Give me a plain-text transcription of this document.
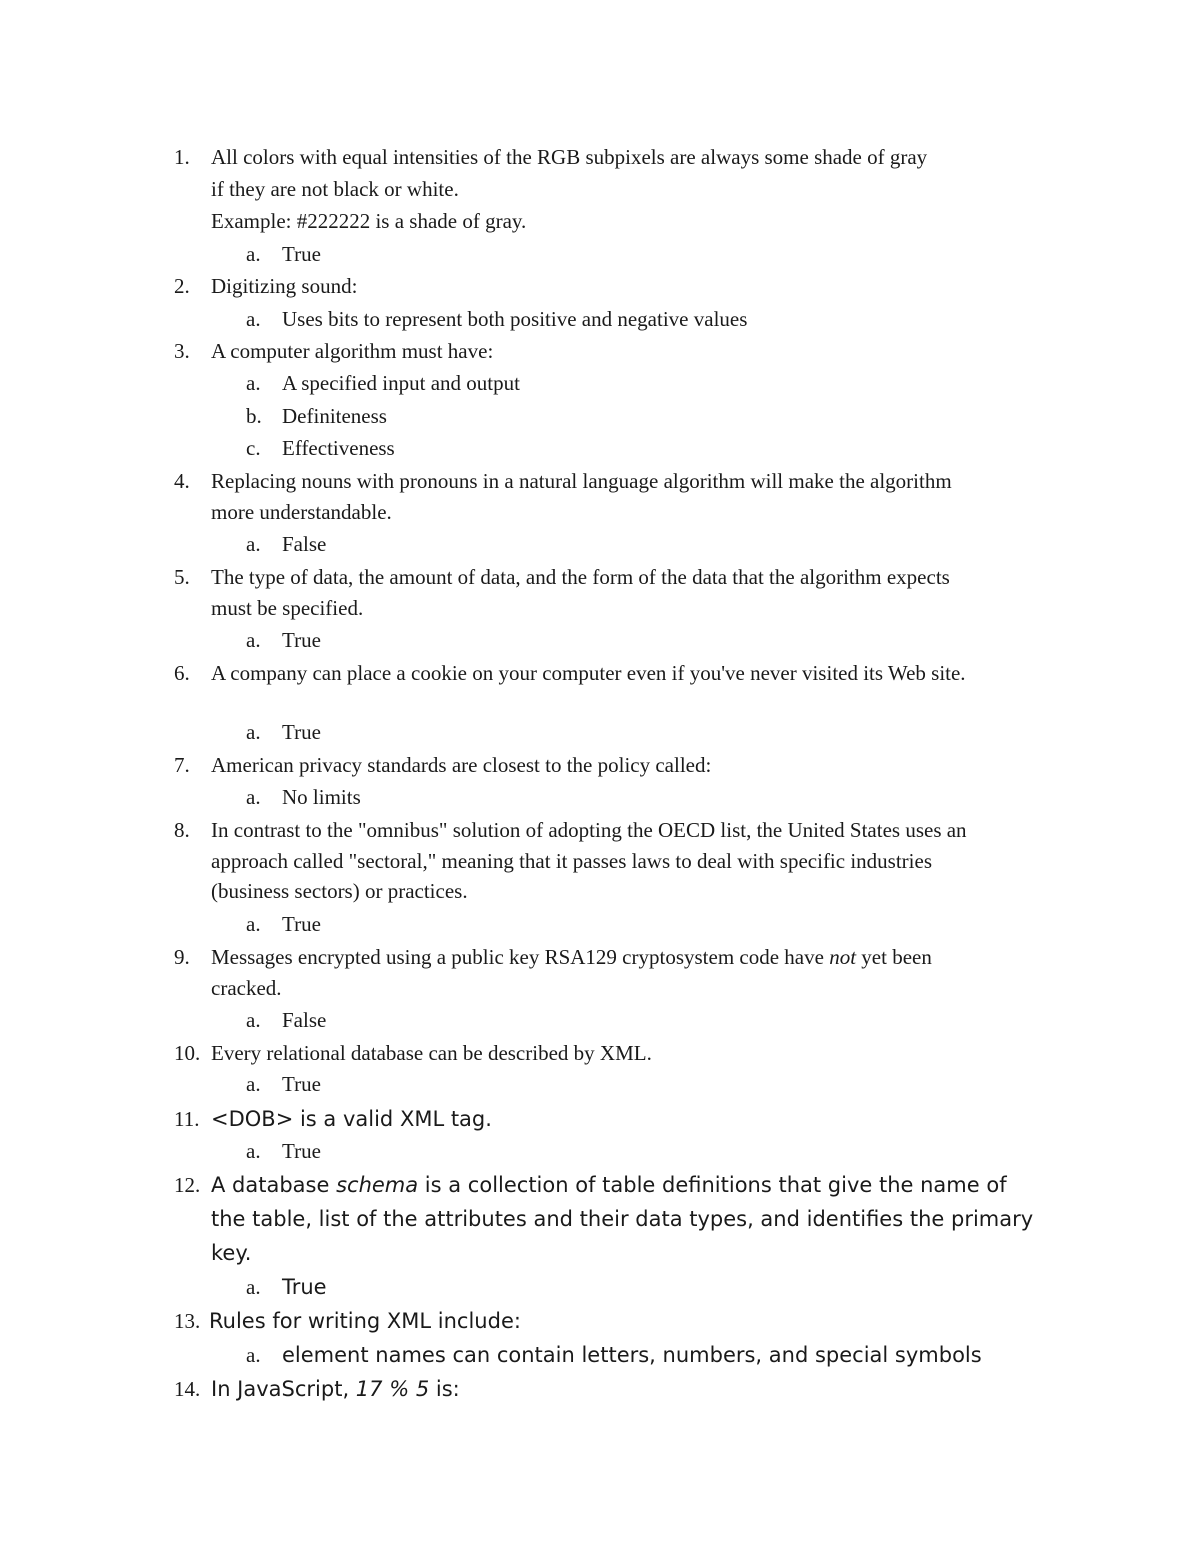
1.	All colors with equal intensities of the RGB subpixels are always some shade of gray
if they are not black or white.
Example: #222222 is a shade of gray.
a.	True
2.	Digitizing sound:
a.	Uses bits to represent both positive and negative values
3.	A computer algorithm must have:
a.	A specified input and output
b. Definiteness
c.	Effectiveness
4.	Replacing nouns with pronouns in a natural language algorithm will make the algorithm
more understandable.
a.	False
5.	The type of data, the amount of data, and the form of the data that the algorithm expects
must be specified.
a.	True
6.	A company can place a cookie on your computer even if you've never visited its Web site.
a.	True
7.	American privacy standards are closest to the policy called:
a.	No limits
8.	In contrast to the "omnibus" solution of adopting the OECD list, the United States uses an
approach called "sectoral," meaning that it passes laws to deal with specific industries
(business sectors) or practices.
a.	True
9.	Messages encrypted using a public key RSA129 cryptosystem code have not yet been
cracked.
a.	False
10. Every relational database can be described by XML.
a.	True
11. <DOB> is a valid XML tag.
a.	True
12. A database schema is a collection of table definitions that give the name of
the table, list of the attributes and their data types, and identifies the primary
key.
a.	True
13. Rules for writing XML include:
a.	element names can contain letters, numbers, and special symbols
14. In JavaScript, 17 % 5 is:
